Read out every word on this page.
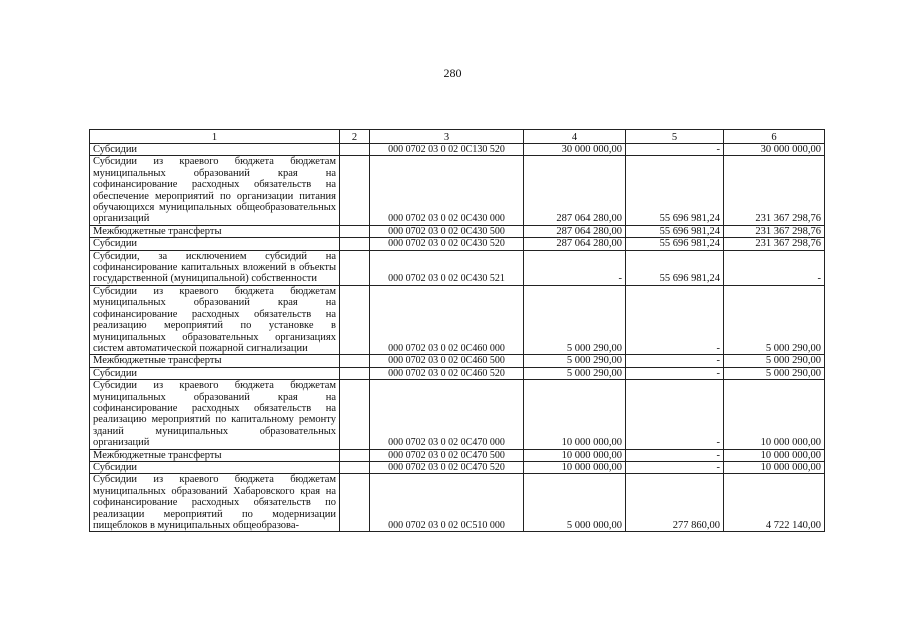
280
1	2	3	4	5	6
Субсидии		000 0702 03 0 02 0С130 520	30 000 000,00	-	30 000 000,00
Субсидии из краевого бюджета бюджетам муниципальных образований края на софинансирование расходных обязательств на обеспечение мероприятий по организации питания обучающихся муниципальных общеобразовательных организаций		000 0702 03 0 02 0С430 000	287 064 280,00	55 696 981,24	231 367 298,76
Межбюджетные трансферты		000 0702 03 0 02 0С430 500	287 064 280,00	55 696 981,24	231 367 298,76
Субсидии		000 0702 03 0 02 0С430 520	287 064 280,00	55 696 981,24	231 367 298,76
Субсидии, за исключением субсидий на софинансирование капитальных вложений в объекты государственной (муниципальной) собственности		000 0702 03 0 02 0С430 521	-	55 696 981,24	-
Субсидии из краевого бюджета бюджетам муниципальных образований края на софинансирование расходных обязательств на реализацию мероприятий по установке в муниципальных образовательных организациях систем автоматической пожарной сигнализации		000 0702 03 0 02 0С460 000	5 000 290,00	-	5 000 290,00
Межбюджетные трансферты		000 0702 03 0 02 0С460 500	5 000 290,00	-	5 000 290,00
Субсидии		000 0702 03 0 02 0С460 520	5 000 290,00	-	5 000 290,00
Субсидии из краевого бюджета бюджетам муниципальных образований края на софинансирование расходных обязательств на реализацию мероприятий по капитальному ремонту зданий муниципальных образовательных организаций		000 0702 03 0 02 0С470 000	10 000 000,00	-	10 000 000,00
Межбюджетные трансферты		000 0702 03 0 02 0С470 500	10 000 000,00	-	10 000 000,00
Субсидии		000 0702 03 0 02 0С470 520	10 000 000,00	-	10 000 000,00
Субсидии из краевого бюджета бюджетам муниципальных образований Хабаровского края на софинансирование расходных обязательств по реализации мероприятий по модернизации пищеблоков в муниципальных общеобразова-		000 0702 03 0 02 0С510 000	5 000 000,00	277 860,00	4 722 140,00
